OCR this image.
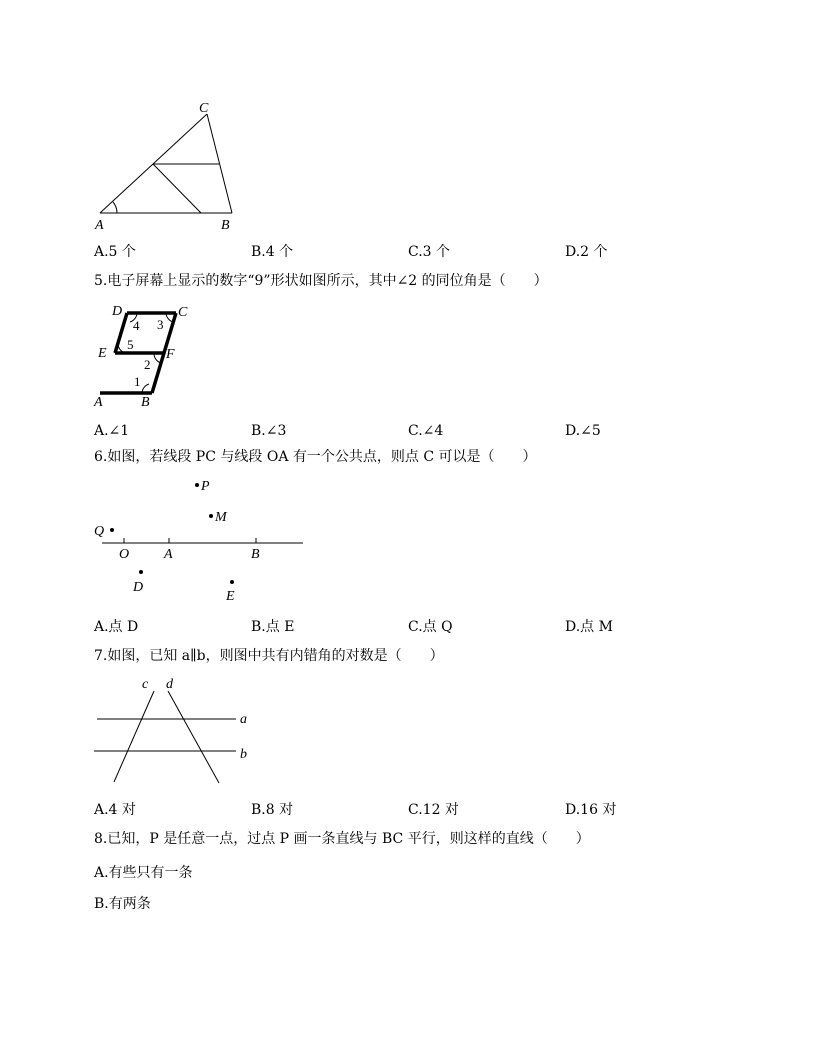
C
A	B
A.5 个	B.4 个	C.3 个	D.2 个
5.电子屏幕上显示的数字“9”形状如图所示，其中∠2 的同位角是（　　）
D	C
E	F
A	B
1
2
3
4
5
A.∠1	B.∠3	C.∠4	D.∠5
6.如图，若线段 PC 与线段 OA 有一个公共点，则点 C 可以是（　　）
P
M
Q
O A	B
D
E
A.点 D	B.点 E	C.点 Q	D.点 M
7.如图，已知 a∥b，则图中共有内错角的对数是（　　）
c d
a
b
A.4 对	B.8 对	C.12 对	D.16 对
8.已知，P 是任意一点，过点 P 画一条直线与 BC 平行，则这样的直线（　　）
A.有些只有一条
B.有两条
